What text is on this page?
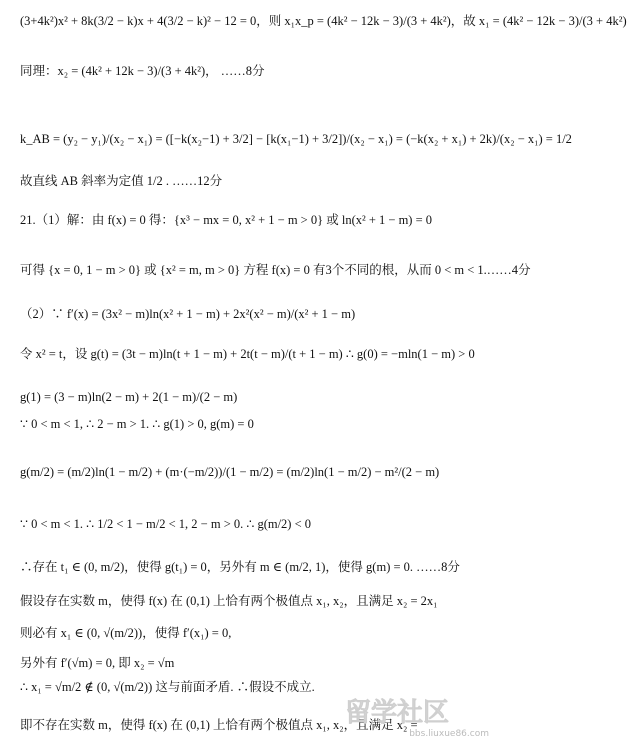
(3+4k²)x² + 8k(3/2 − k)x + 4(3/2 − k)² − 12 = 0，则 x₁x_p = (4k² − 12k − 3)/(3 + 4k²)，故 x₁ = (4k² − 12k − 3)/(3 + 4k²)
同理：x₂ = (4k² + 12k − 3)/(3 + 4k²)， ……8分
k_AB = (y₂ − y₁)/(x₂ − x₁) = ([−k(x₂−1) + 3/2] − [k(x₁−1) + 3/2])/(x₂ − x₁) = (−k(x₂ + x₁) + 2k)/(x₂ − x₁) = 1/2
故直线 AB 斜率为定值 1/2 . ……12分
21.（1）解：由 f(x) = 0 得：{x³ − mx = 0, x² + 1 − m > 0} 或 ln(x² + 1 − m) = 0
可得 {x = 0, 1 − m > 0} 或 {x² = m, m > 0} 方程 f(x) = 0 有3个不同的根，从而 0 < m < 1.……4分
（2）∵ f′(x) = (3x² − m)ln(x² + 1 − m) + 2x²(x² − m)/(x² + 1 − m)
令 x² = t，设 g(t) = (3t − m)ln(t + 1 − m) + 2t(t − m)/(t + 1 − m) ∴ g(0) = −mln(1 − m) > 0
g(1) = (3 − m)ln(2 − m) + 2(1 − m)/(2 − m)
∵ 0 < m < 1, ∴ 2 − m > 1. ∴ g(1) > 0, g(m) = 0
g(m/2) = (m/2)ln(1 − m/2) + (m·(−m/2))/(1 − m/2) = (m/2)ln(1 − m/2) − m²/(2 − m)
∵ 0 < m < 1. ∴ 1/2 < 1 − m/2 < 1, 2 − m > 0. ∴ g(m/2) < 0
∴存在 t₁ ∈ (0, m/2)，使得 g(t₁) = 0，另外有 m ∈ (m/2, 1)，使得 g(m) = 0. ……8分
假设存在实数 m，使得 f(x) 在 (0,1) 上恰有两个极值点 x₁, x₂，且满足 x₂ = 2x₁
则必有 x₁ ∈ (0, √(m/2))，使得 f′(x₁) = 0,
另外有 f′(√m) = 0, 即 x₂ = √m
∴ x₁ = √m/2 ∉ (0, √(m/2)) 这与前面矛盾. ∴假设不成立.
即不存在实数 m，使得 f(x) 在 (0,1) 上恰有两个极值点 x₁, x₂，且满足 x₂ =
留学社区
bbs.liuxue86.com
